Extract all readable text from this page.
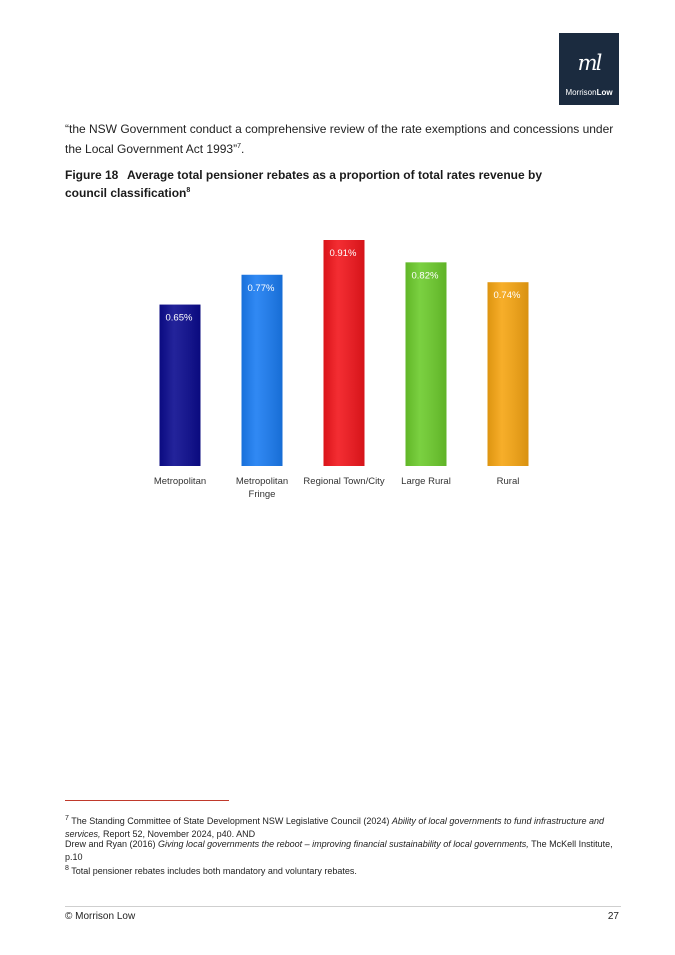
ml
MorrisonLow
“the NSW Government conduct a comprehensive review of the rate exemptions and concessions under the Local Government Act 1993”$^7$.
Figure 18 Average total pensioner rebates as a proportion of total rates revenue by council classification$^8$
0.65%
Metropolitan
0.77%
Metropolitan
Fringe
0.91%
Regional Town/City
0.82%
Large Rural
0.74%
Rural
$^7$ The Standing Committee of State Development NSW Legislative Council (2024) Ability of local governments to fund infrastructure and services, Report 52, November 2024, p40. AND
Drew and Ryan (2016) Giving local governments the reboot – improving financial sustainability of local governments, The McKell Institute, p.10
$^8$ Total pensioner rebates includes both mandatory and voluntary rebates.
© Morrison Low	27
